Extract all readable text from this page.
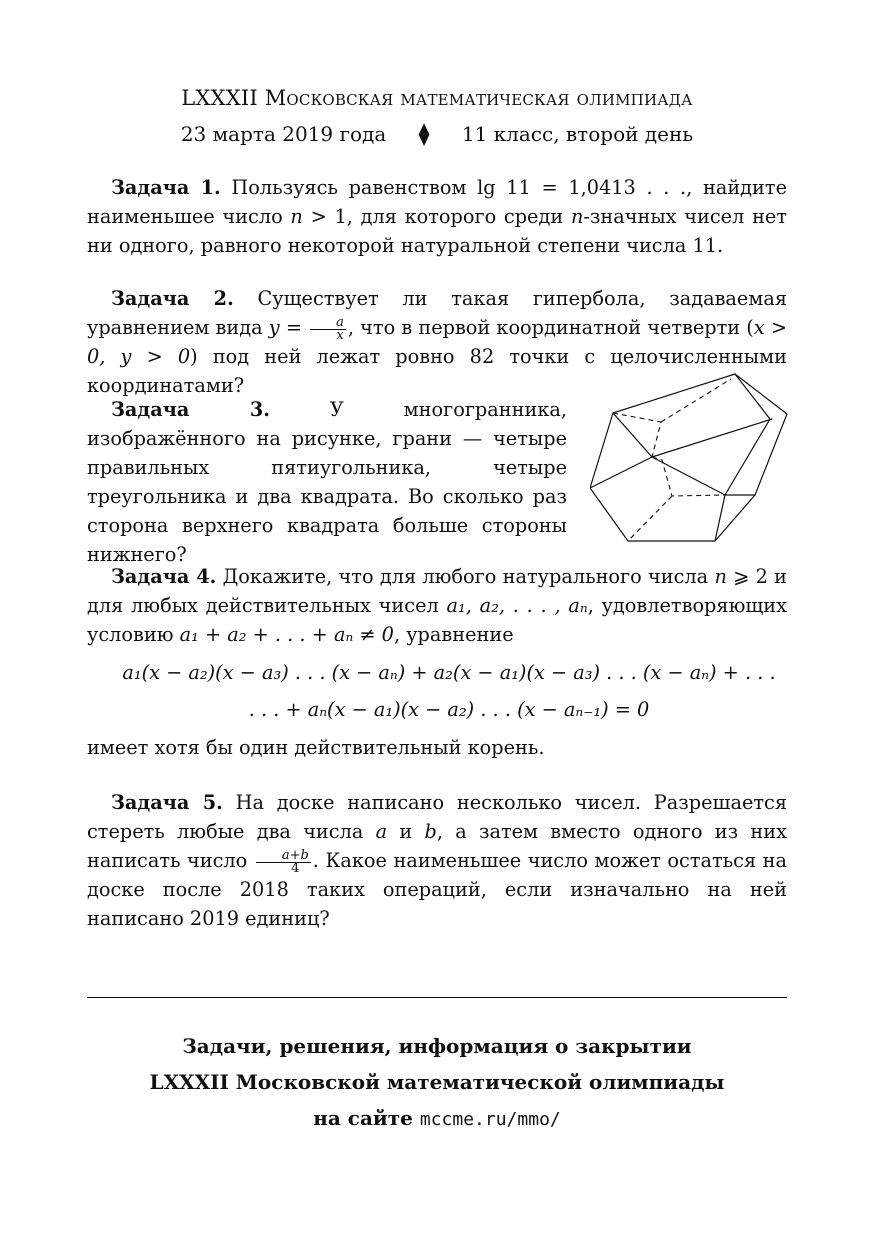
LXXXII Московская математическая олимпиада
23 марта 2019 года ⧫ 11 класс, второй день

Задача 1. Пользуясь равенством lg 11 = 1,0413 . . ., найдите наименьшее число n > 1, для которого среди n-значных чисел нет ни одного, равного некоторой натуральной степени числа 11.

Задача 2. Существует ли такая гипербола, задаваемая уравнением вида $y = \frac{a}{x}$ , что в первой координатной четверти (x > 0, y > 0) под ней лежат ровно 82 точки с целочисленными координатами?

Задача 3. У многогранника, изображённого на рисунке, грани — четыре правильных пятиугольника, четыре треугольника и два квадрата. Во сколько раз сторона верхнего квадрата больше стороны нижнего?

Задача 4. Докажите, что для любого натурального числа n ⩾ 2 и для любых действительных чисел a₁, a₂, . . . , aₙ, удовлетворяющих условию a₁ + a₂ + . . . + aₙ ≠ 0, уравнение

a₁(x − a₂)(x − a₃) . . . (x − aₙ) + a₂(x − a₁)(x − a₃) . . . (x − aₙ) + . . .

. . . + aₙ(x − a₁)(x − a₂) . . . (x − aₙ₋₁) = 0

имеет хотя бы один действительный корень.

Задача 5. На доске написано несколько чисел. Разрешается стереть любые два числа a и b, а затем вместо одного из них написать число $\frac{a+b}{4}$ . Какое наименьшее число может остаться на доске после 2018 таких операций, если изначально на ней написано 2019 единиц?

Задачи, решения, информация о закрытии
LXXXII Московской математической олимпиады
на сайте mccme.ru/mmo/
